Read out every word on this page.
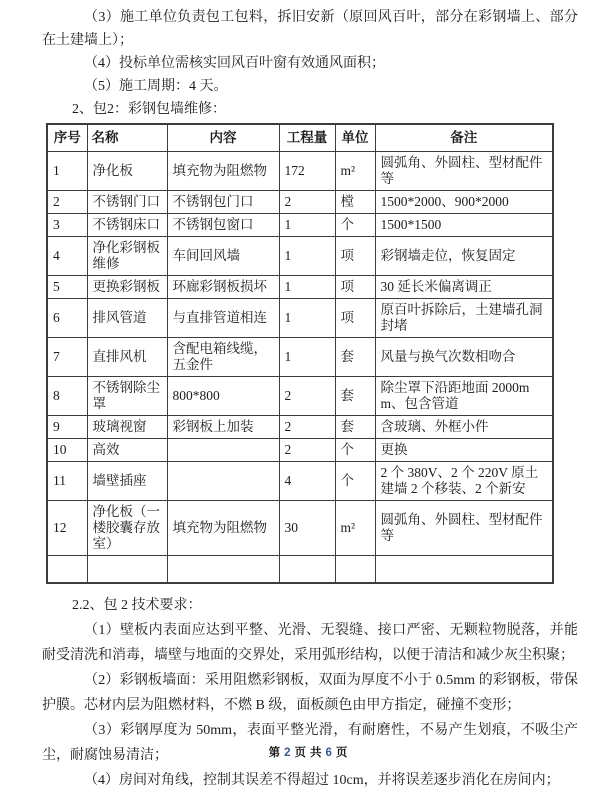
（3）施工单位负责包工包料，拆旧安新（原回风百叶，部分在彩钢墙上、部分在土建墙上）；

（4）投标单位需核实回风百叶窗有效通风面积；

（5）施工周期：4 天。

2、包2：彩钢包墙维修：

序号	名称	内容	工程量	单位	备注
1	净化板	填充物为阻燃物	172	m²	圆弧角、外圆柱、型材配件等
2	不锈钢门口	不锈钢包门口	2	樘	1500*2000、900*2000
3	不锈钢床口	不锈钢包窗口	1	个	1500*1500
4	净化彩钢板维修	车间回风墙	1	项	彩钢墙走位，恢复固定
5	更换彩钢板	环廊彩钢板损坏	1	项	30 延长米偏离调正
6	排风管道	与直排管道相连	1	项	原百叶拆除后，土建墙孔洞封堵
7	直排风机	含配电箱线缆，五金件	1	套	风量与换气次数相吻合
8	不锈钢除尘罩	800*800	2	套	除尘罩下沿距地面 2000mm、包含管道
9	玻璃视窗	彩钢板上加装	2	套	含玻璃、外框小件
10	高效		2	个	更换
11	墙壁插座		4	个	2 个 380V、2 个 220V 原土建墙 2 个移装、2 个新安
12	净化板（一楼胶囊存放室）	填充物为阻燃物	30	m²	圆弧角、外圆柱、型材配件等

2.2、包 2 技术要求：

（1）壁板内表面应达到平整、光滑、无裂缝、接口严密、无颗粒物脱落，并能耐受清洗和消毒，墙壁与地面的交界处，采用弧形结构，以便于清洁和减少灰尘积聚；

（2）彩钢板墙面：采用阻燃彩钢板，双面为厚度不小于 0.5mm 的彩钢板，带保护膜。芯材内层为阻燃材料，不燃 B 级，面板颜色由甲方指定，碰撞不变形；

（3）彩钢厚度为 50mm，表面平整光滑，有耐磨性，不易产生划痕，不吸尘产尘，耐腐蚀易清洁；

（4）房间对角线，控制其误差不得超过 10cm，并将误差逐步消化在房间内；

第 2 页 共 6 页
